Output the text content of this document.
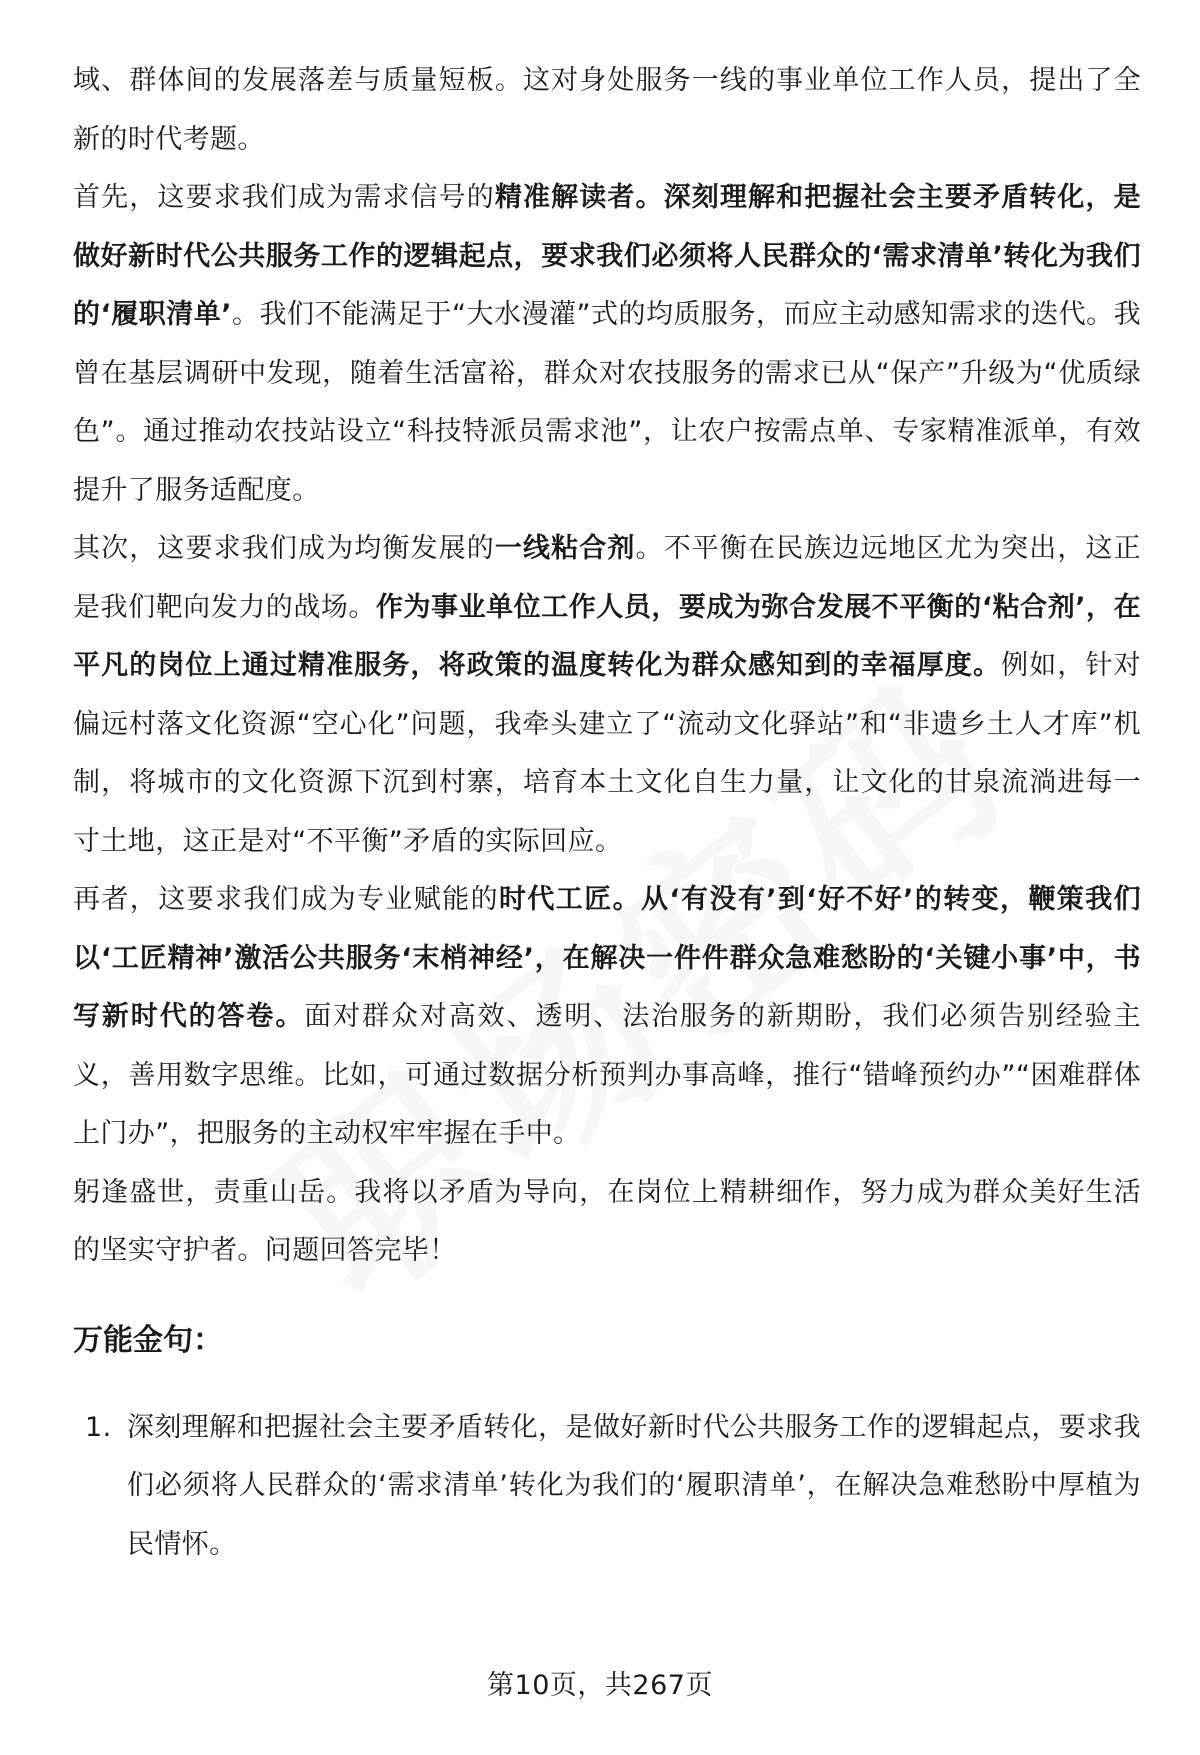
域、群体间的发展落差与质量短板。这对身处服务一线的事业单位工作人员，提出了全新的时代考题。

首先，这要求我们成为需求信号的精准解读者。深刻理解和把握社会主要矛盾转化，是做好新时代公共服务工作的逻辑起点，要求我们必须将人民群众的‘需求清单’转化为我们的‘履职清单’。我们不能满足于“大水漫灌”式的均质服务，而应主动感知需求的迭代。我曾在基层调研中发现，随着生活富裕，群众对农技服务的需求已从“保产”升级为“优质绿色”。通过推动农技站设立“科技特派员需求池”，让农户按需点单、专家精准派单，有效提升了服务适配度。

其次，这要求我们成为均衡发展的一线粘合剂。不平衡在民族边远地区尤为突出，这正是我们靶向发力的战场。作为事业单位工作人员，要成为弥合发展不平衡的‘粘合剂’，在平凡的岗位上通过精准服务，将政策的温度转化为群众感知到的幸福厚度。例如，针对偏远村落文化资源“空心化”问题，我牵头建立了“流动文化驿站”和“非遗乡土人才库”机制，将城市的文化资源下沉到村寨，培育本土文化自生力量，让文化的甘泉流淌进每一寸土地，这正是对“不平衡”矛盾的实际回应。

再者，这要求我们成为专业赋能的时代工匠。从‘有没有’到‘好不好’的转变，鞭策我们以‘工匠精神’激活公共服务‘末梢神经’，在解决一件件群众急难愁盼的‘关键小事’中，书写新时代的答卷。面对群众对高效、透明、法治服务的新期盼，我们必须告别经验主义，善用数字思维。比如，可通过数据分析预判办事高峰，推行“错峰预约办”“困难群体上门办”，把服务的主动权牢牢握在手中。

躬逢盛世，责重山岳。我将以矛盾为导向，在岗位上精耕细作，努力成为群众美好生活的坚实守护者。问题回答完毕！

万能金句：
1. 深刻理解和把握社会主要矛盾转化，是做好新时代公共服务工作的逻辑起点，要求我们必须将人民群众的‘需求清单’转化为我们的‘履职清单’，在解决急难愁盼中厚植为民情怀。
第10页，共267页
